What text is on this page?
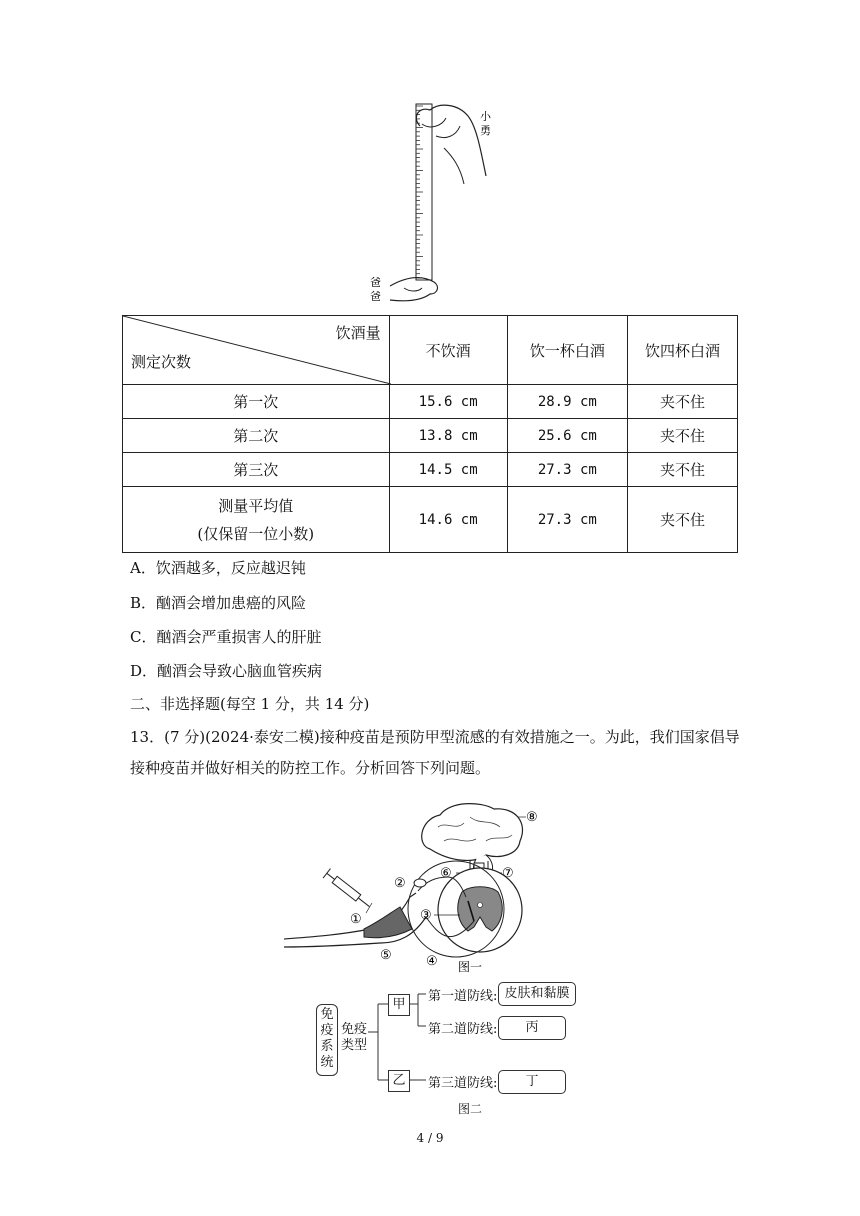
小
勇
爸
爸
饮酒量
测定次数	不饮酒	饮一杯白酒	饮四杯白酒
第一次	15.6 cm	28.9 cm	夹不住
第二次	13.8 cm	25.6 cm	夹不住
第三次	14.5 cm	27.3 cm	夹不住

测量平均值
(仅保留一位小数)	14.6 cm	27.3 cm	夹不住
A．饮酒越多，反应越迟钝
B．酗酒会增加患癌的风险
C．酗酒会严重损害人的肝脏
D．酗酒会导致心脑血管疾病
二、非选择题(每空 1 分，共 14 分)
13．(7 分)(2024·泰安二模)接种疫苗是预防甲型流感的有效措施之一。为此，我们国家倡导接种疫苗并做好相关的防控工作。分析回答下列问题。
①
②
③
④
⑤
⑥	⑦
⑧
图一
免
疫
系
统
免疫类型
甲
乙
第一道防线: 皮肤和黏膜
第二道防线:	丙
第三道防线:	丁
图二
4 / 9
